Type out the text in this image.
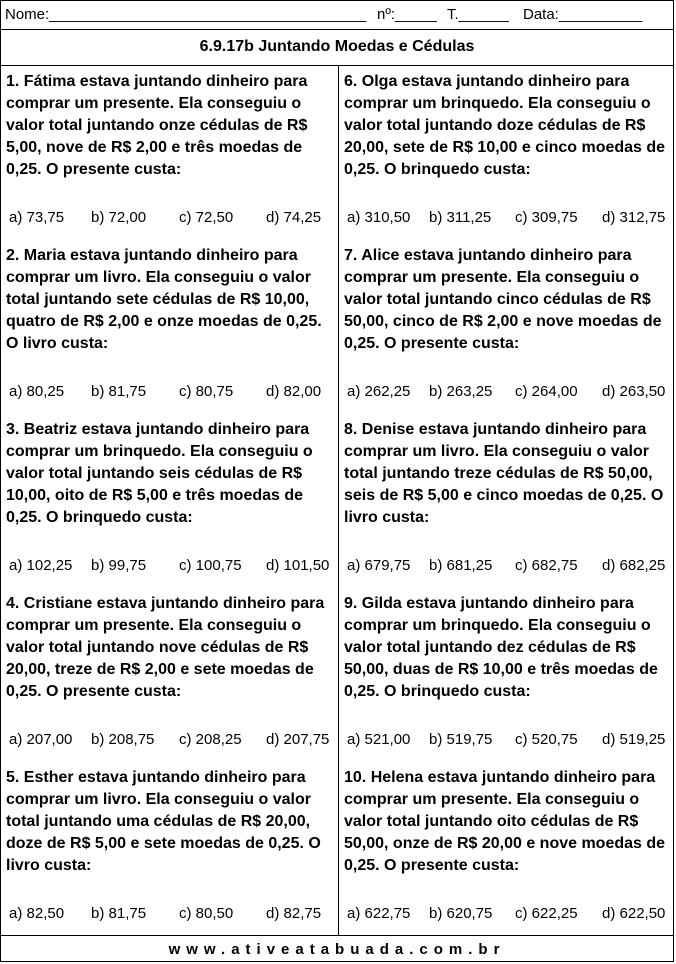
Nome:______________________________________ nº:_____ T.______ Data:__________
6.9.17b Juntando Moedas e Cédulas
1. Fátima estava juntando dinheiro para comprar um presente. Ela conseguiu o valor total juntando onze cédulas de R$ 5,00, nove de R$ 2,00 e três moedas de 0,25. O presente custa:
a) 73,75 b) 72,00 c) 72,50 d) 74,25
2. Maria estava juntando dinheiro para comprar um livro. Ela conseguiu o valor total juntando sete cédulas de R$ 10,00, quatro de R$ 2,00 e onze moedas de 0,25. O livro custa:
a) 80,25 b) 81,75 c) 80,75 d) 82,00
3. Beatriz estava juntando dinheiro para comprar um brinquedo. Ela conseguiu o valor total juntando seis cédulas de R$ 10,00, oito de R$ 5,00 e três moedas de 0,25. O brinquedo custa:
a) 102,25 b) 99,75 c) 100,75 d) 101,50
4. Cristiane estava juntando dinheiro para comprar um presente. Ela conseguiu o valor total juntando nove cédulas de R$ 20,00, treze de R$ 2,00 e sete moedas de 0,25. O presente custa:
a) 207,00 b) 208,75 c) 208,25 d) 207,75
5. Esther estava juntando dinheiro para comprar um livro. Ela conseguiu o valor total juntando uma cédulas de R$ 20,00, doze de R$ 5,00 e sete moedas de 0,25. O livro custa:
a) 82,50 b) 81,75 c) 80,50 d) 82,75
6. Olga estava juntando dinheiro para comprar um brinquedo. Ela conseguiu o valor total juntando doze cédulas de R$ 20,00, sete de R$ 10,00 e cinco moedas de 0,25. O brinquedo custa:
a) 310,50 b) 311,25 c) 309,75 d) 312,75
7. Alice estava juntando dinheiro para comprar um presente. Ela conseguiu o valor total juntando cinco cédulas de R$ 50,00, cinco de R$ 2,00 e nove moedas de 0,25. O presente custa:
a) 262,25 b) 263,25 c) 264,00 d) 263,50
8. Denise estava juntando dinheiro para comprar um livro. Ela conseguiu o valor total juntando treze cédulas de R$ 50,00, seis de R$ 5,00 e cinco moedas de 0,25. O livro custa:
a) 679,75 b) 681,25 c) 682,75 d) 682,25
9. Gilda estava juntando dinheiro para comprar um brinquedo. Ela conseguiu o valor total juntando dez cédulas de R$ 50,00, duas de R$ 10,00 e três moedas de 0,25. O brinquedo custa:
a) 521,00 b) 519,75 c) 520,75 d) 519,25
10. Helena estava juntando dinheiro para comprar um presente. Ela conseguiu o valor total juntando oito cédulas de R$ 50,00, onze de R$ 20,00 e nove moedas de 0,25. O presente custa:
a) 622,75 b) 620,75 c) 622,25 d) 622,50
www.ativeatabuada.com.br
